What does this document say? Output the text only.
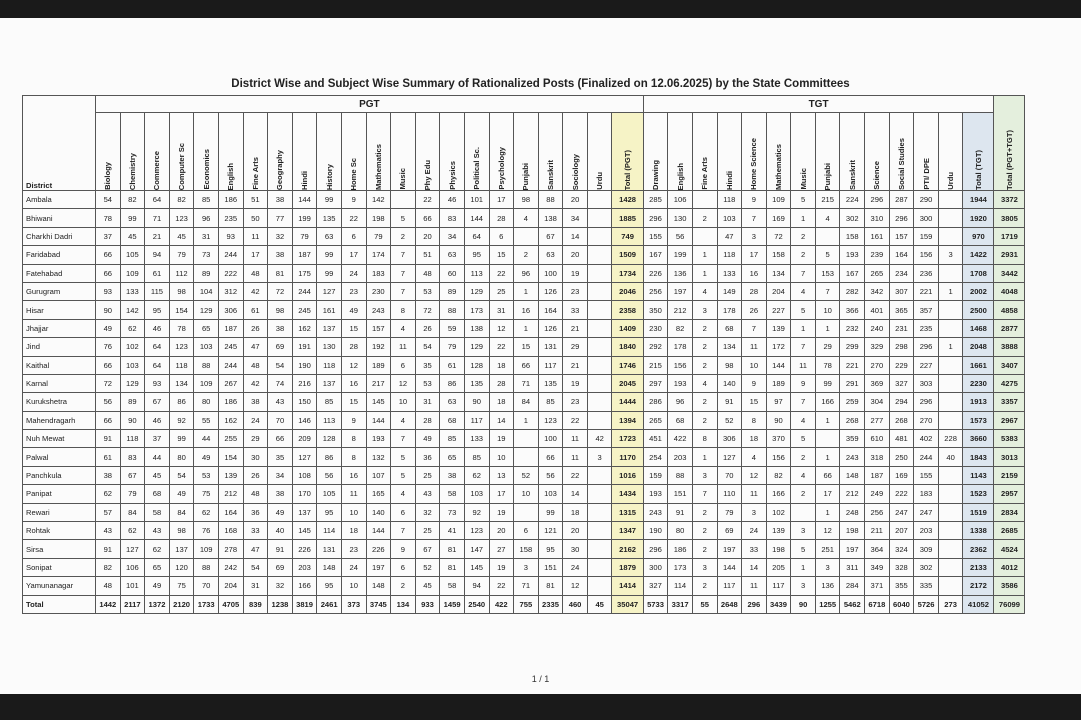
District Wise and Subject Wise Summary of Rationalized Posts (Finalized on 12.06.2025) by the State Committees
District	PGT																						TGT														Total (PGT+TGT)

	Biology	Chemistry	Commerce	Computer Sc	Economics	English	Fine Arts	Geography	Hindi	History	Home Sc	Mathematics	Music	Phy Edu	Physics	Political Sc.	Psychology	Punjabi	Sanskrit	Sociology	Urdu	Total (PGT)	Drawing	English	Fine Arts	Hindi	Home Science	Mathematics	Music	Punjabi	Sanskrit	Science	Social Studies	PTI/ DPE	Urdu	Total (TGT)	

Ambala	54	82	64	82	85	186	51	38	144	99	9	142		22	46	101	17	98	88	20		1428	285	106		118	9	109	5	215	224	296	287	290		1944	3372
Bhiwani	78	99	71	123	96	235	50	77	199	135	22	198	5	66	83	144	28	4	138	34		1885	296	130	2	103	7	169	1	4	302	310	296	300		1920	3805
Charkhi Dadri	37	45	21	45	31	93	11	32	79	63	6	79	2	20	34	64	6		67	14		749	155	56		47	3	72	2		158	161	157	159		970	1719
Faridabad	66	105	94	79	73	244	17	38	187	99	17	174	7	51	63	95	15	2	63	20		1509	167	199	1	118	17	158	2	5	193	239	164	156	3	1422	2931
Fatehabad	66	109	61	112	89	222	48	81	175	99	24	183	7	48	60	113	22	96	100	19		1734	226	136	1	133	16	134	7	153	167	265	234	236		1708	3442
Gurugram	93	133	115	98	104	312	42	72	244	127	23	230	7	53	89	129	25	1	126	23		2046	256	197	4	149	28	204	4	7	282	342	307	221	1	2002	4048
Hisar	90	142	95	154	129	306	61	98	245	161	49	243	8	72	88	173	31	16	164	33		2358	350	212	3	178	26	227	5	10	366	401	365	357		2500	4858
Jhajjar	49	62	46	78	65	187	26	38	162	137	15	157	4	26	59	138	12	1	126	21		1409	230	82	2	68	7	139	1	1	232	240	231	235		1468	2877
Jind	76	102	64	123	103	245	47	69	191	130	28	192	11	54	79	129	22	15	131	29		1840	292	178	2	134	11	172	7	29	299	329	298	296	1	2048	3888
Kaithal	66	103	64	118	88	244	48	54	190	118	12	189	6	35	61	128	18	66	117	21		1746	215	156	2	98	10	144	11	78	221	270	229	227		1661	3407
Karnal	72	129	93	134	109	267	42	74	216	137	16	217	12	53	86	135	28	71	135	19		2045	297	193	4	140	9	189	9	99	291	369	327	303		2230	4275
Kurukshetra	56	89	67	86	80	186	38	43	150	85	15	145	10	31	63	90	18	84	85	23		1444	286	96	2	91	15	97	7	166	259	304	294	296		1913	3357
Mahendragarh	66	90	46	92	55	162	24	70	146	113	9	144	4	28	68	117	14	1	123	22		1394	265	68	2	52	8	90	4	1	268	277	268	270		1573	2967
Nuh Mewat	91	118	37	99	44	255	29	66	209	128	8	193	7	49	85	133	19		100	11	42	1723	451	422	8	306	18	370	5		359	610	481	402	228	3660	5383
Palwal	61	83	44	80	49	154	30	35	127	86	8	132	5	36	65	85	10		66	11	3	1170	254	203	1	127	4	156	2	1	243	318	250	244	40	1843	3013
Panchkula	38	67	45	54	53	139	26	34	108	56	16	107	5	25	38	62	13	52	56	22		1016	159	88	3	70	12	82	4	66	148	187	169	155		1143	2159
Panipat	62	79	68	49	75	212	48	38	170	105	11	165	4	43	58	103	17	10	103	14		1434	193	151	7	110	11	166	2	17	212	249	222	183		1523	2957
Rewari	57	84	58	84	62	164	36	49	137	95	10	140	6	32	73	92	19		99	18		1315	243	91	2	79	3	102		1	248	256	247	247		1519	2834
Rohtak	43	62	43	98	76	168	33	40	145	114	18	144	7	25	41	123	20	6	121	20		1347	190	80	2	69	24	139	3	12	198	211	207	203		1338	2685
Sirsa	91	127	62	137	109	278	47	91	226	131	23	226	9	67	81	147	27	158	95	30		2162	296	186	2	197	33	198	5	251	197	364	324	309		2362	4524
Sonipat	82	106	65	120	88	242	54	69	203	148	24	197	6	52	81	145	19	3	151	24		1879	300	173	3	144	14	205	1	3	311	349	328	302		2133	4012
Yamunanagar	48	101	49	75	70	204	31	32	166	95	10	148	2	45	58	94	22	71	81	12		1414	327	114	2	117	11	117	3	136	284	371	355	335		2172	3586
Total	1442	2117	1372	2120	1733	4705	839	1238	3819	2461	373	3745	134	933	1459	2540	422	755	2335	460	45	35047	5733	3317	55	2648	296	3439	90	1255	5462	6718	6040	5726	273	41052	76099
1 / 1
